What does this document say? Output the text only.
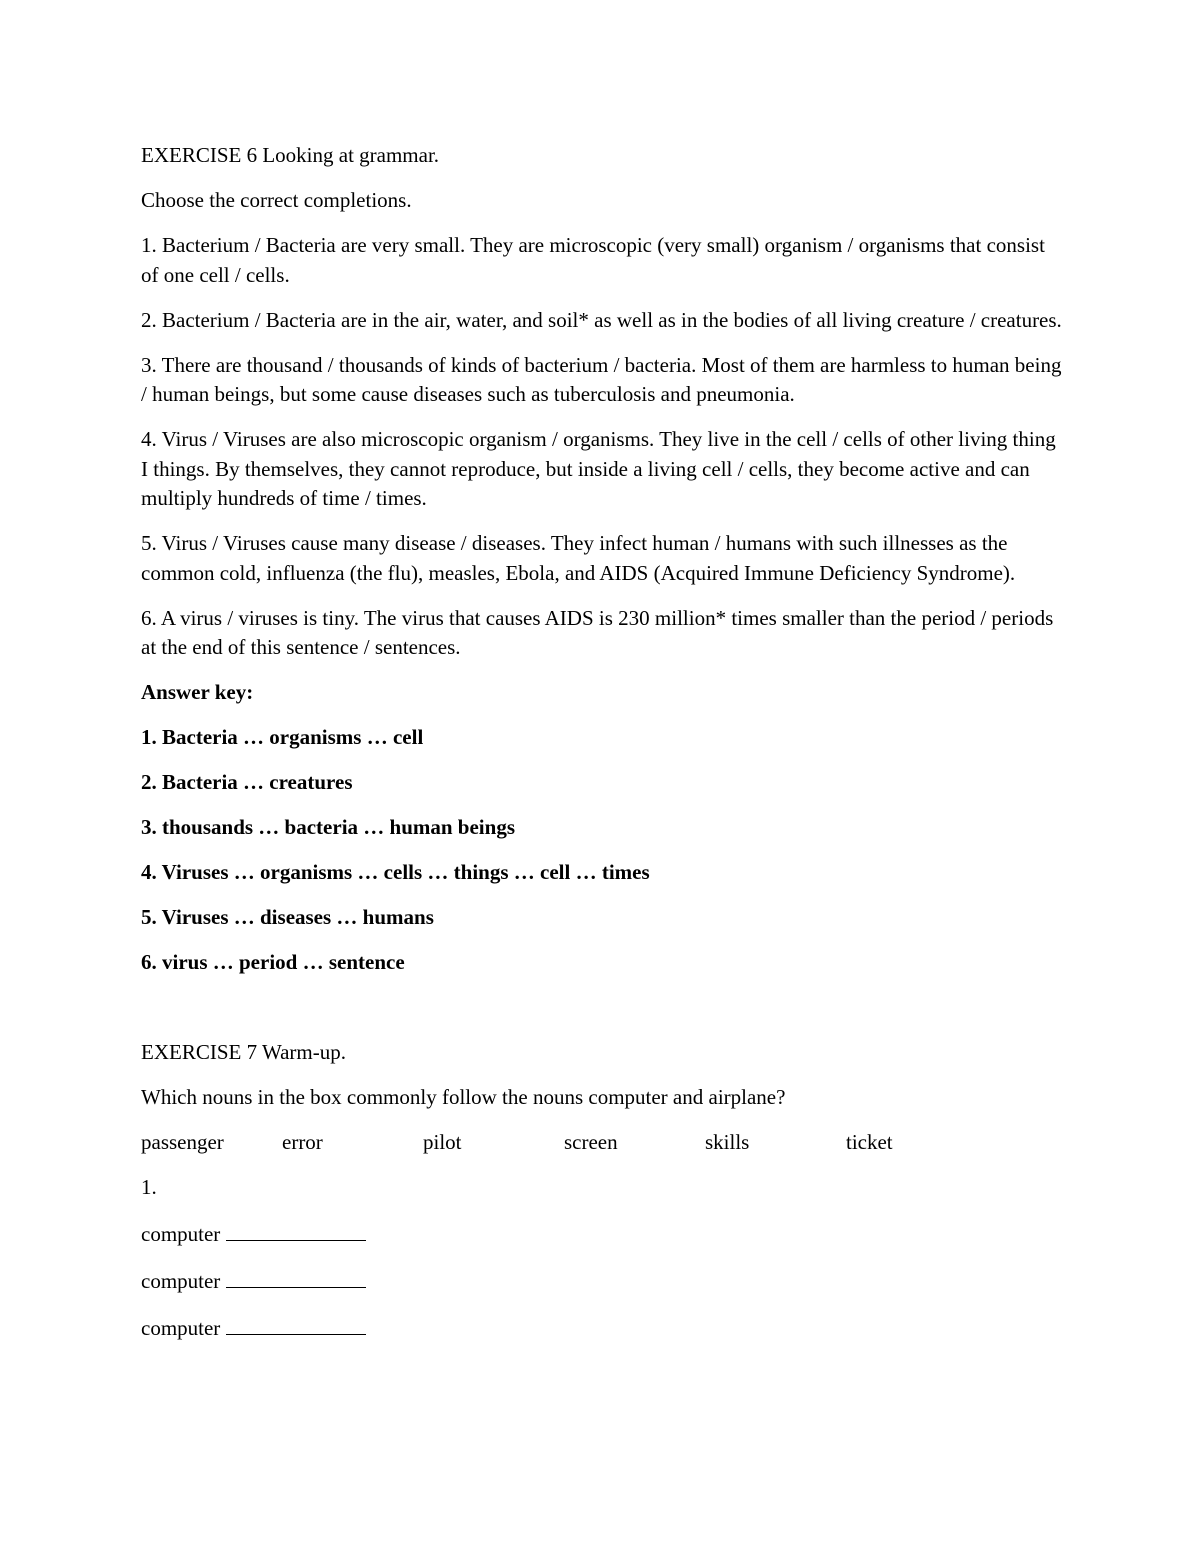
EXERCISE 6 Looking at grammar.

Choose the correct completions.

1. Bacterium / Bacteria are very small. They are microscopic (very small) organism / organisms that consist of one cell / cells.

2. Bacterium / Bacteria are in the air, water, and soil* as well as in the bodies of all living creature / creatures.

3. There are thousand / thousands of kinds of bacterium / bacteria. Most of them are harmless to human being / human beings, but some cause diseases such as tuberculosis and pneumonia.

4. Virus / Viruses are also microscopic organism / organisms. They live in the cell / cells of other living thing I things. By themselves, they cannot reproduce, but inside a living cell / cells, they become active and can multiply hundreds of time / times.

5. Virus / Viruses cause many disease / diseases. They infect human / humans with such illnesses as the common cold, influenza (the flu), measles, Ebola, and AIDS (Acquired Immune Deficiency Syndrome).

6. A virus / viruses is tiny. The virus that causes AIDS is 230 million* times smaller than the period / periods at the end of this sentence / sentences.

Answer key:

1. Bacteria … organisms … cell

2. Bacteria … creatures

3. thousands … bacteria … human beings

4. Viruses … organisms … cells … things … cell … times

5. Viruses … diseases … humans

6. virus … period … sentence

EXERCISE 7 Warm-up.

Which nouns in the box commonly follow the nouns computer and airplane?

passenger	error	pilot	screen	skills	ticket

1.

computer

computer

computer
